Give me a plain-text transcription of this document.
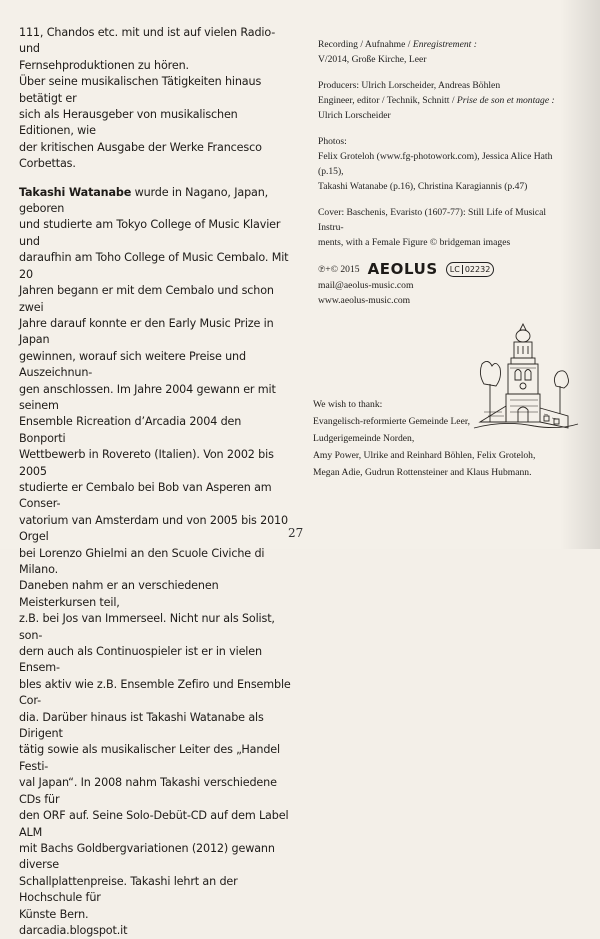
111, Chandos etc. mit und ist auf vielen Radio- und

Fernsehproduktionen zu hören.

Über seine musikalischen Tätigkeiten hinaus betätigt er

sich als Herausgeber von musikalischen Editionen, wie

der kritischen Ausgabe der Werke Francesco Corbettas.

Takashi Watanabe wurde in Nagano, Japan, geboren

und studierte am Tokyo College of Music Klavier und

daraufhin am Toho College of Music Cembalo. Mit 20

Jahren begann er mit dem Cembalo und schon zwei

Jahre darauf konnte er den Early Music Prize in Japan

gewinnen, worauf sich weitere Preise und Auszeichnun-

gen anschlossen. Im Jahre 2004 gewann er mit seinem

Ensemble Ricreation d’Arcadia 2004 den Bonporti

Wettbewerb in Rovereto (Italien). Von 2002 bis 2005

studierte er Cembalo bei Bob van Asperen am Conser-

vatorium van Amsterdam und von 2005 bis 2010 Orgel

bei Lorenzo Ghielmi an den Scuole Civiche di Milano.

Daneben nahm er an verschiedenen Meisterkursen teil,

z.B. bei Jos van Immerseel. Nicht nur als Solist, son-

dern auch als Continuospieler ist er in vielen Ensem-

bles aktiv wie z.B. Ensemble Zefiro und Ensemble Cor-

dia. Darüber hinaus ist Takashi Watanabe als Dirigent

tätig sowie als musikalischer Leiter des „Handel Festi-

val Japan“. In 2008 nahm Takashi verschiedene CDs für

den ORF auf. Seine Solo-Debüt-CD auf dem Label ALM

mit Bachs Goldbergvariationen (2012) gewann diverse

Schallplattenpreise. Takashi lehrt an der Hochschule für

Künste Bern.

darcadia.blogspot.it

Recording / Aufnahme / Enregistrement :

V/2014, Große Kirche, Leer

Producers: Ulrich Lorscheider, Andreas Böhlen

Engineer, editor / Technik, Schnitt / Prise de son et montage :

Ulrich Lorscheider

Photos:

Felix Groteloh (www.fg-photowork.com), Jessica Alice Hath (p.15),

Takashi Watanabe (p.16), Christina Karagiannis (p.47)

Cover: Baschenis, Evaristo (1607-77): Still Life of Musical Instru-

ments, with a Female Figure © bridgeman images

℗+© 2015 AEOLUS LC 02232
mail@aeolus-music.com
www.aeolus-music.com

We wish to thank:

Evangelisch-reformierte Gemeinde Leer,

Ludgerigemeinde Norden,

Amy Power, Ulrike and Reinhard Böhlen, Felix Groteloh,

Megan Adie, Gudrun Rottensteiner and Klaus Hubmann.

27
